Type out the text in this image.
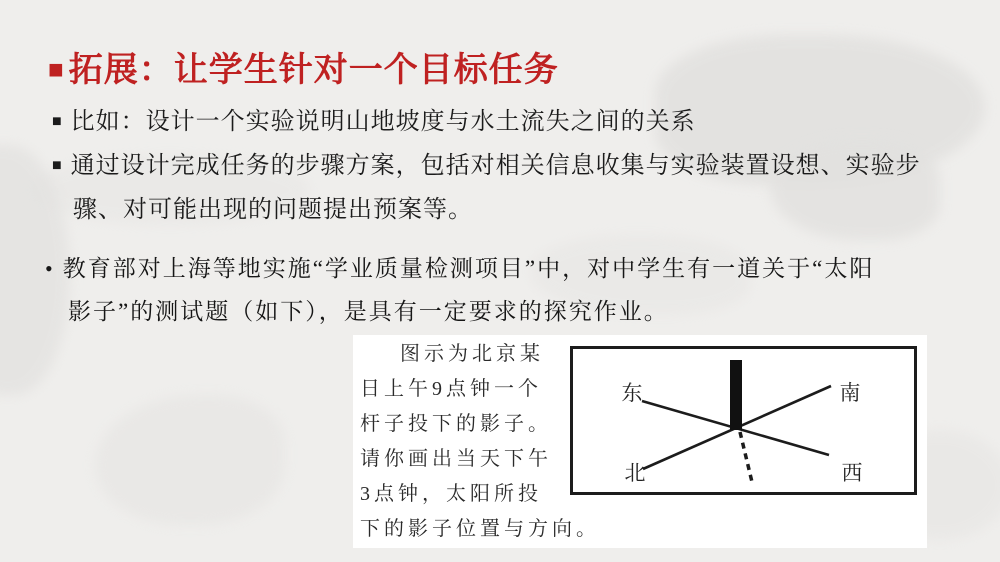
■ 拓展：让学生针对一个目标任务
■ 比如：设计一个实验说明山地坡度与水土流失之间的关系
■ 通过设计完成任务的步骤方案，包括对相关信息收集与实验装置设想、实验步
骤、对可能出现的问题提出预案等。
• 教育部对上海等地实施“学业质量检测项目”中，对中学生有一道关于“太阳
影子”的测试题（如下），是具有一定要求的探究作业。
图示为北京某
日上午9点钟一个
杆子投下的影子。
请你画出当天下午
3点钟，太阳所投
下的影子位置与方向。
东	南
北	西
